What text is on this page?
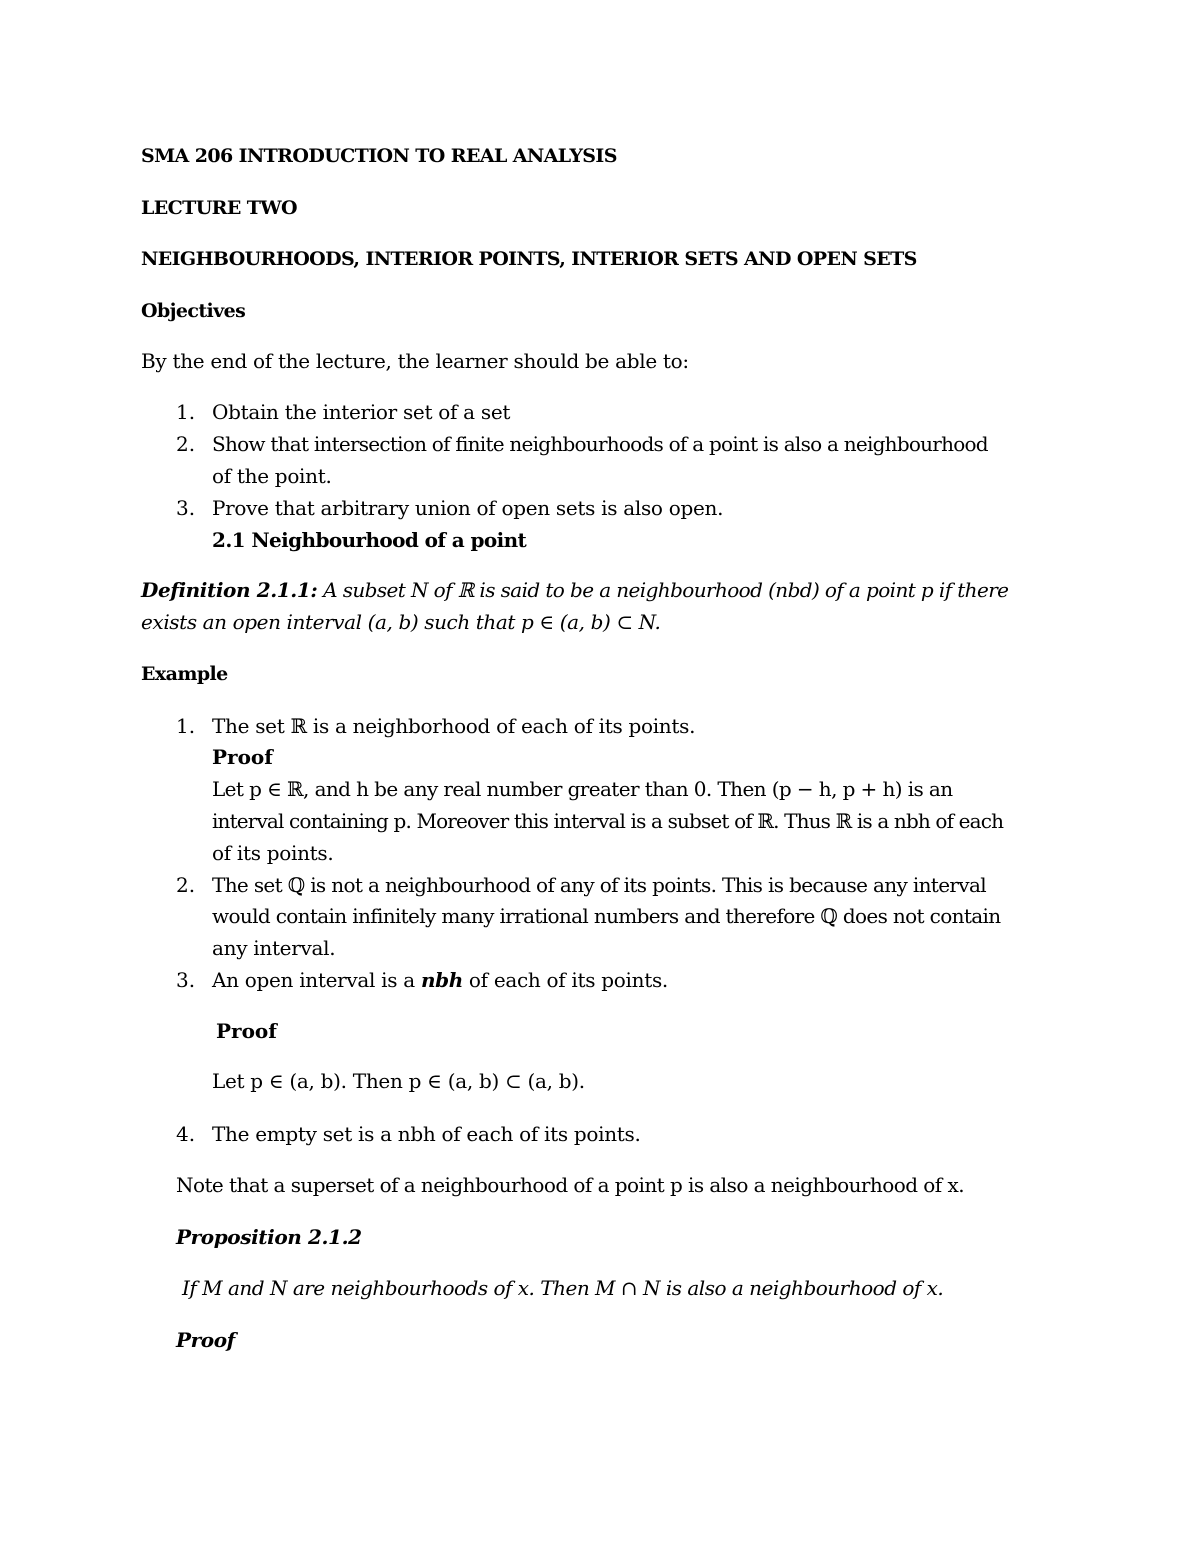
SMA 206 INTRODUCTION TO REAL ANALYSIS
LECTURE TWO
NEIGHBOURHOODS, INTERIOR POINTS, INTERIOR SETS AND OPEN SETS
Objectives
By the end of the lecture, the learner should be able to:
1. Obtain the interior set of a set
2. Show that intersection of finite neighbourhoods of a point is also a neighbourhood
of the point.
3. Prove that arbitrary union of open sets is also open.
2.1 Neighbourhood of a point
Definition 2.1.1: A subset N of ℝ is said to be a neighbourhood (nbd) of a point p if there
exists an open interval (a, b) such that p ∈ (a, b) ⊂ N.
Example
1. The set ℝ is a neighborhood of each of its points.
Proof
Let p ∈ ℝ, and h be any real number greater than 0. Then (p − h, p + h) is an
interval containing p. Moreover this interval is a subset of ℝ. Thus ℝ is a nbh of each
of its points.
2. The set ℚ is not a neighbourhood of any of its points. This is because any interval
would contain infinitely many irrational numbers and therefore ℚ does not contain
any interval.
3. An open interval is a nbh of each of its points.
Proof
Let p ∈ (a, b). Then p ∈ (a, b) ⊂ (a, b).
4. The empty set is a nbh of each of its points.
Note that a superset of a neighbourhood of a point p is also a neighbourhood of x.
Proposition 2.1.2
If M and N are neighbourhoods of x. Then M ∩ N is also a neighbourhood of x.
Proof
